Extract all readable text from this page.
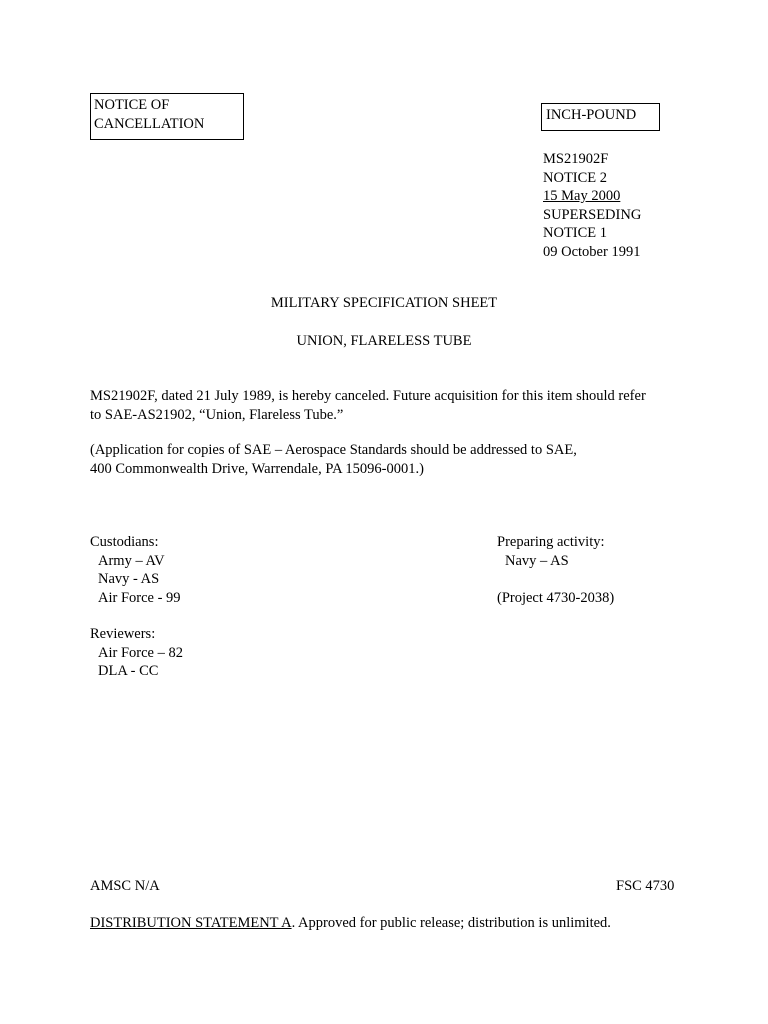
NOTICE OF
CANCELLATION
INCH-POUND
MS21902F
NOTICE 2
15 May 2000
SUPERSEDING
NOTICE 1
09 October 1991
MILITARY SPECIFICATION SHEET
UNION, FLARELESS TUBE
MS21902F, dated 21 July 1989, is hereby canceled. Future acquisition for this item should refer
to SAE-AS21902, “Union, Flareless Tube.”
(Application for copies of SAE – Aerospace Standards should be addressed to SAE,
400 Commonwealth Drive, Warrendale, PA 15096-0001.)
Custodians:
Army – AV
Navy - AS
Air Force - 99
Preparing activity:
Navy – AS
(Project 4730-2038)
Reviewers:
Air Force – 82
DLA - CC
AMSC N/A	FSC 4730
DISTRIBUTION STATEMENT A. Approved for public release; distribution is unlimited.
